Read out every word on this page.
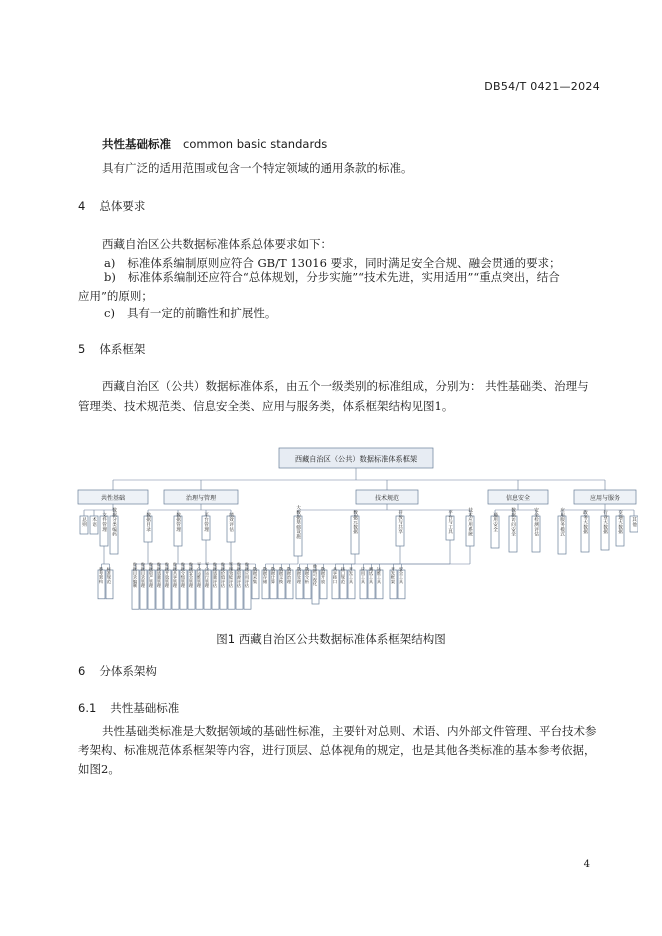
DB54/T 0421—2024
共性基础标准 common basic standards
具有广泛的适用范围或包含一个特定领域的通用条款的标准。
4 总体要求
西藏自治区公共数据标准体系总体要求如下：
a) 标准体系编制原则应符合 GB/T 13016 要求，同时满足安全合规、融会贯通的要求；
b) 标准体系编制还应符合“总体规划，分步实施”“技术先进，实用适用”“重点突出，结合
应用”的原则；
c) 具有一定的前瞻性和扩展性。
5 体系框架
西藏自治区（公共）数据标准体系，由五个一级类别的标准组成，分别为： 共性基础类、治理与
管理类、技术规范类、信息安全类、应用与服务类，体系框架结构见图1。
西藏自治区（公共）数据标准体系框架
共性基础	治理与管理	技术规范	信息安全	应用与服务
总则 术语 文件管理 数据分类编码	数据目录	数据管理	平台管理	绩效评估	大数据基础设施	数据元数据	开放与共享	平台与工具	技术应用系统	通用安全	数据访问安全	安全检测评估	应用服务模式	政务大数据	行业大数据 交通大数据 其他
参考架构 标准规范	数据目录编制 数据目录管理 数据资产管理 数据质量管理 数据开放管理 数据共享管理 数据分级管理 数据安全管理 平台运维管理 平台运行管理 数据质量评估 数据价值评估 管理效能评估 数据资源评估 数据应用评估 数据采集 数据存储 数据计算 数据交换 数据治理 数据处理 数据分析 数据可视化 数据开放 共享接口 接口规范 开发工具 应用工具 测试工具 运维工具 开发框架 安全工具
图1 西藏自治区公共数据标准体系框架结构图
6 分体系架构
6.1 共性基础标准
共性基础类标准是大数据领域的基础性标准，主要针对总则、术语、内外部文件管理、平台技术参
考架构、标准规范体系框架等内容，进行顶层、总体视角的规定，也是其他各类标准的基本参考依据，
如图2。
4
